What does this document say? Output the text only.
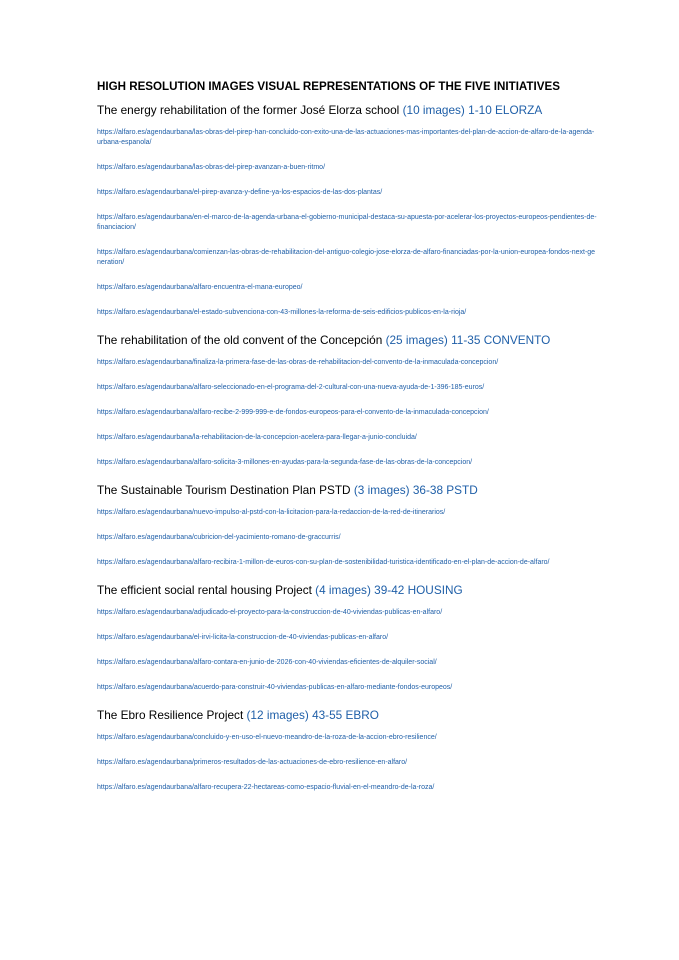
HIGH RESOLUTION IMAGES VISUAL REPRESENTATIONS OF THE FIVE INITIATIVES
The energy rehabilitation of the former José Elorza school (10 images) 1-10 ELORZA
https://alfaro.es/agendaurbana/las-obras-del-pirep-han-concluido-con-exito-una-de-las-actuaciones-mas-importantes-del-plan-de-accion-de-alfaro-de-la-agenda-urbana-espanola/
https://alfaro.es/agendaurbana/las-obras-del-pirep-avanzan-a-buen-ritmo/
https://alfaro.es/agendaurbana/el-pirep-avanza-y-define-ya-los-espacios-de-las-dos-plantas/
https://alfaro.es/agendaurbana/en-el-marco-de-la-agenda-urbana-el-gobierno-municipal-destaca-su-apuesta-por-acelerar-los-proyectos-europeos-pendientes-de-financiacion/
https://alfaro.es/agendaurbana/comienzan-las-obras-de-rehabilitacion-del-antiguo-colegio-jose-elorza-de-alfaro-financiadas-por-la-union-europea-fondos-next-generation/
https://alfaro.es/agendaurbana/alfaro-encuentra-el-mana-europeo/
https://alfaro.es/agendaurbana/el-estado-subvenciona-con-43-millones-la-reforma-de-seis-edificios-publicos-en-la-rioja/
The rehabilitation of the old convent of the Concepción (25 images) 11-35 CONVENTO
https://alfaro.es/agendaurbana/finaliza-la-primera-fase-de-las-obras-de-rehabilitacion-del-convento-de-la-inmaculada-concepcion/
https://alfaro.es/agendaurbana/alfaro-seleccionado-en-el-programa-del-2-cultural-con-una-nueva-ayuda-de-1-396-185-euros/
https://alfaro.es/agendaurbana/alfaro-recibe-2-999-999-e-de-fondos-europeos-para-el-convento-de-la-inmaculada-concepcion/
https://alfaro.es/agendaurbana/la-rehabilitacion-de-la-concepcion-acelera-para-llegar-a-junio-concluida/
https://alfaro.es/agendaurbana/alfaro-solicita-3-millones-en-ayudas-para-la-segunda-fase-de-las-obras-de-la-concepcion/
The Sustainable Tourism Destination Plan PSTD (3 images) 36-38 PSTD
https://alfaro.es/agendaurbana/nuevo-impulso-al-pstd-con-la-licitacion-para-la-redaccion-de-la-red-de-itinerarios/
https://alfaro.es/agendaurbana/cubricion-del-yacimiento-romano-de-graccurris/
https://alfaro.es/agendaurbana/alfaro-recibira-1-millon-de-euros-con-su-plan-de-sostenibilidad-turistica-identificado-en-el-plan-de-accion-de-alfaro/
The efficient social rental housing Project (4 images) 39-42 HOUSING
https://alfaro.es/agendaurbana/adjudicado-el-proyecto-para-la-construccion-de-40-viviendas-publicas-en-alfaro/
https://alfaro.es/agendaurbana/el-irvi-licita-la-construccion-de-40-viviendas-publicas-en-alfaro/
https://alfaro.es/agendaurbana/alfaro-contara-en-junio-de-2026-con-40-viviendas-eficientes-de-alquiler-social/
https://alfaro.es/agendaurbana/acuerdo-para-construir-40-viviendas-publicas-en-alfaro-mediante-fondos-europeos/
The Ebro Resilience Project (12 images) 43-55 EBRO
https://alfaro.es/agendaurbana/concluido-y-en-uso-el-nuevo-meandro-de-la-roza-de-la-accion-ebro-resilience/
https://alfaro.es/agendaurbana/primeros-resultados-de-las-actuaciones-de-ebro-resilience-en-alfaro/
https://alfaro.es/agendaurbana/alfaro-recupera-22-hectareas-como-espacio-fluvial-en-el-meandro-de-la-roza/
